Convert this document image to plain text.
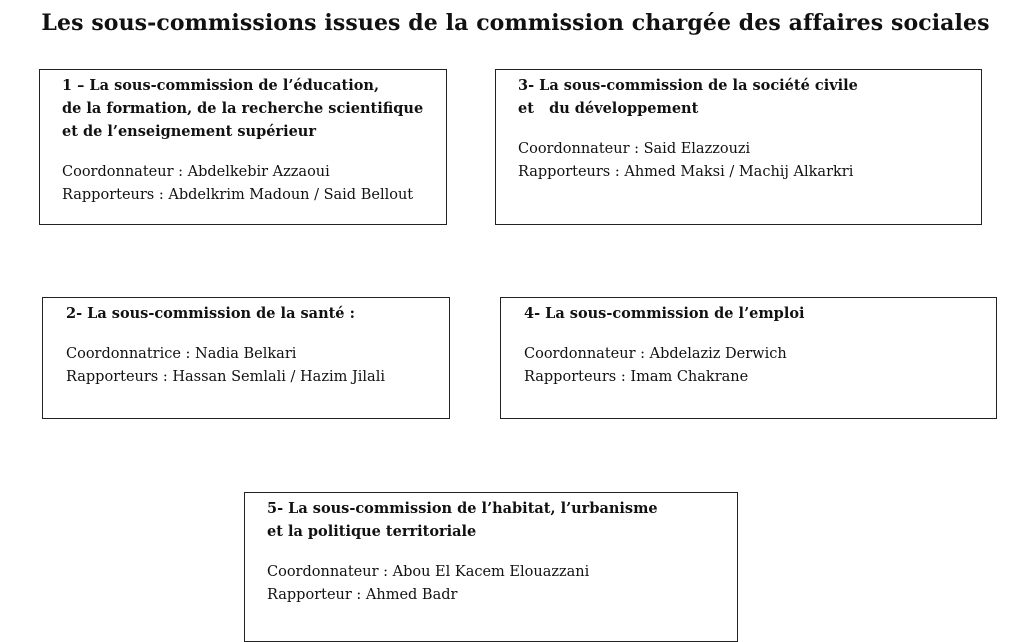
Les sous-commissions issues de la commission chargée des affaires sociales
1 – La sous-commission de l’éducation,
de la formation, de la recherche scientifique
et de l’enseignement supérieur
Coordonnateur : Abdelkebir Azzaoui
Rapporteurs : Abdelkrim Madoun / Said Bellout
3- La sous-commission de la société civile
et   du développement
Coordonnateur : Said Elazzouzi
Rapporteurs : Ahmed Maksi / Machij Alkarkri
2- La sous-commission de la santé :
Coordonnatrice : Nadia Belkari
Rapporteurs : Hassan Semlali / Hazim Jilali
4- La sous-commission de l’emploi
Coordonnateur : Abdelaziz Derwich
Rapporteurs : Imam Chakrane
5- La sous-commission de l’habitat, l’urbanisme
et la politique territoriale
Coordonnateur : Abou El Kacem Elouazzani
Rapporteur : Ahmed Badr
